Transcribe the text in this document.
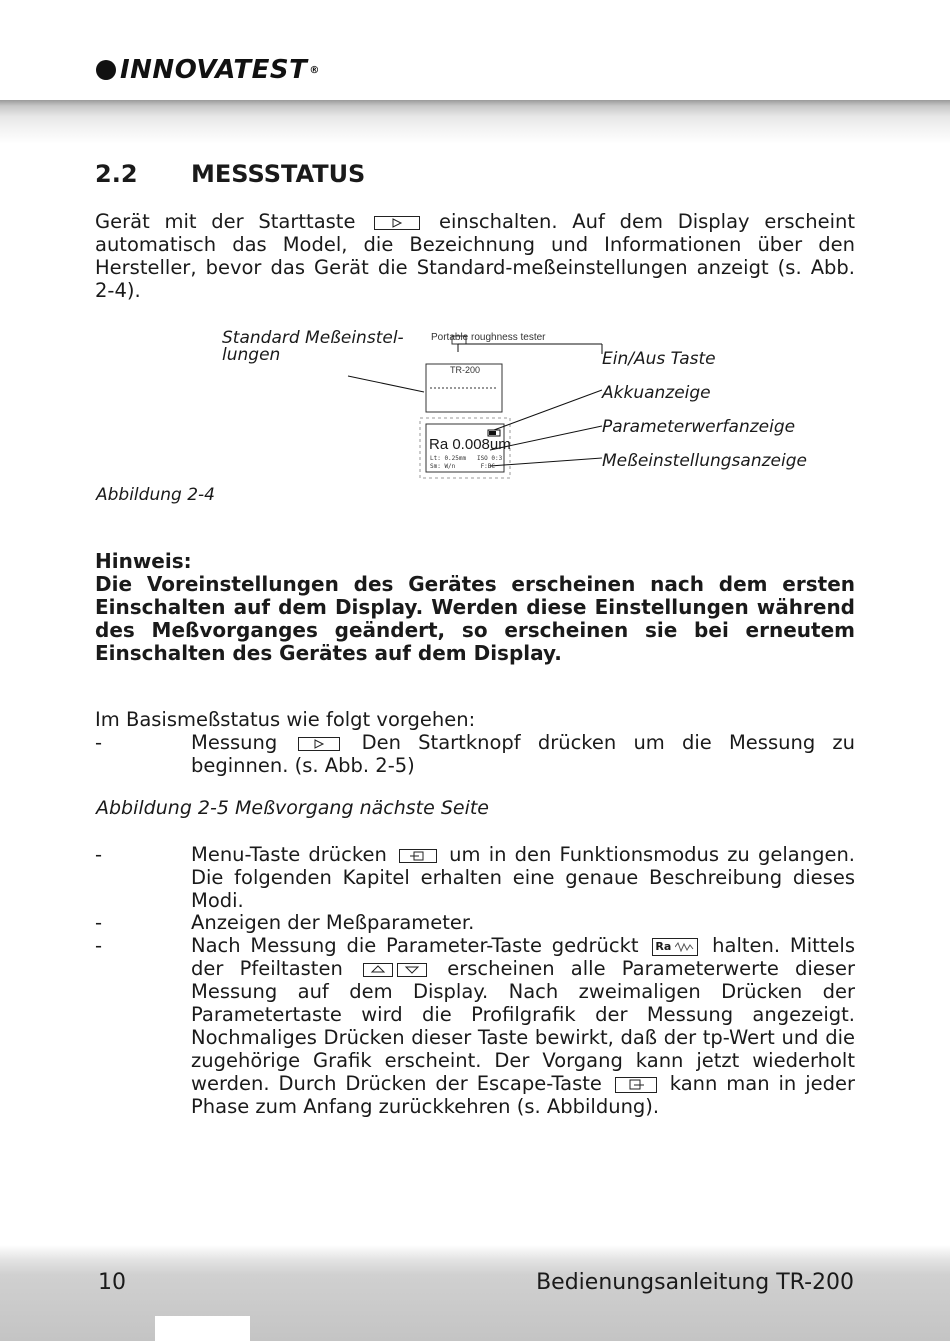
INNOVATEST ®
2.2 MESSSTATUS
Gerät mit der Starttaste	einschalten. Auf dem Display erscheint automatisch das Model, die Bezeichnung und Informationen über den Hersteller, bevor das Gerät die Standard-meßeinstellungen anzeigt (s. Abb. 2-4).
Standard Meßeinstel-
lungen
Portable roughness tester
TR-200
Ra 0.008um
Lt: 0.25mm   ISO 0:3
Sm: W/n       F:BC
Ein/Aus Taste
Akkuanzeige
Parameterwerfanzeige
Meßeinstellungsanzeige
Abbildung 2-4
Hinweis:
Die Voreinstellungen des Gerätes erscheinen nach dem ersten Einschalten auf dem Display. Werden diese Einstellungen während des Meßvorganges geändert, so erscheinen sie bei erneutem Einschalten des Gerätes auf dem Display.
Im Basismeßstatus wie folgt vorgehen:
-	Messung	Den Startknopf drücken um die Messung zu beginnen. (s. Abb. 2-5)
Abbildung 2-5 Meßvorgang nächste Seite
-	Menu-Taste drücken	um in den Funktionsmodus zu gelangen. Die folgenden Kapitel erhalten eine genaue Beschreibung dieses Modi.
-	Anzeigen der Meßparameter.
-	Nach Messung die Parameter-Taste gedrückt Ra halten. Mittels der Pfeiltasten	erscheinen alle Parameterwerte dieser Messung auf dem Display. Nach zweimaligen Drücken der Parametertaste wird die Profilgrafik der Messung angezeigt. Nochmaliges Drücken dieser Taste bewirkt, daß der tp-Wert und die zugehörige Grafik erscheint. Der Vorgang kann jetzt wiederholt werden. Durch Drücken der Escape-Taste	kann man in jeder Phase zum Anfang zurückkehren (s. Abbildung).
10	Bedienungsanleitung TR-200
